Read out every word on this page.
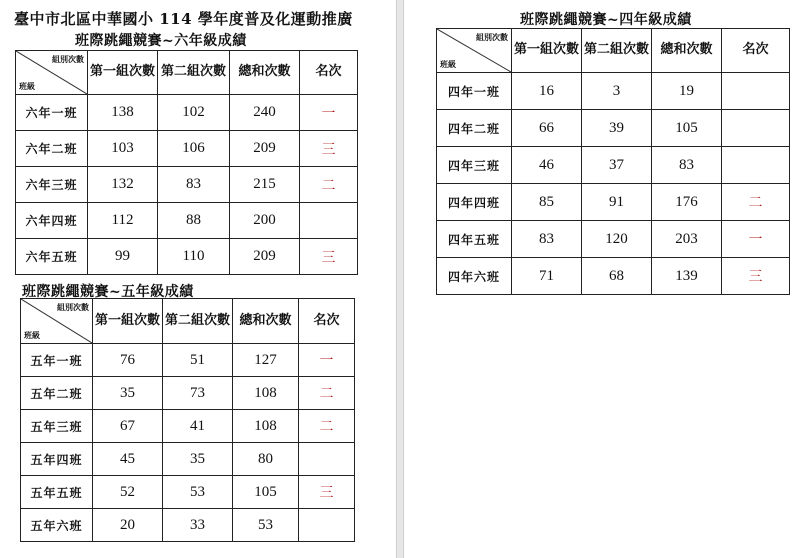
臺中市北區中華國小 114 學年度普及化運動推廣
班際跳繩競賽~六年級成績
組別次數
班級	第一組次數	第二組次數	總和次數	名次
六年一班	138	102	240	一
六年二班	103	106	209	三
六年三班	132	83	215	二
六年四班	112	88	200	
六年五班	99	110	209	三
班際跳繩競賽~五年級成績
組別次數
班級	第一組次數	第二組次數	總和次數	名次
五年一班	76	51	127	一
五年二班	35	73	108	二
五年三班	67	41	108	二
五年四班	45	35	80	
五年五班	52	53	105	三
五年六班	20	33	53	
班際跳繩競賽~四年級成績
組別次數
班級	第一組次數	第二組次數	總和次數	名次
四年一班	16	3	19	
四年二班	66	39	105	
四年三班	46	37	83	
四年四班	85	91	176	二
四年五班	83	120	203	一
四年六班	71	68	139	三
